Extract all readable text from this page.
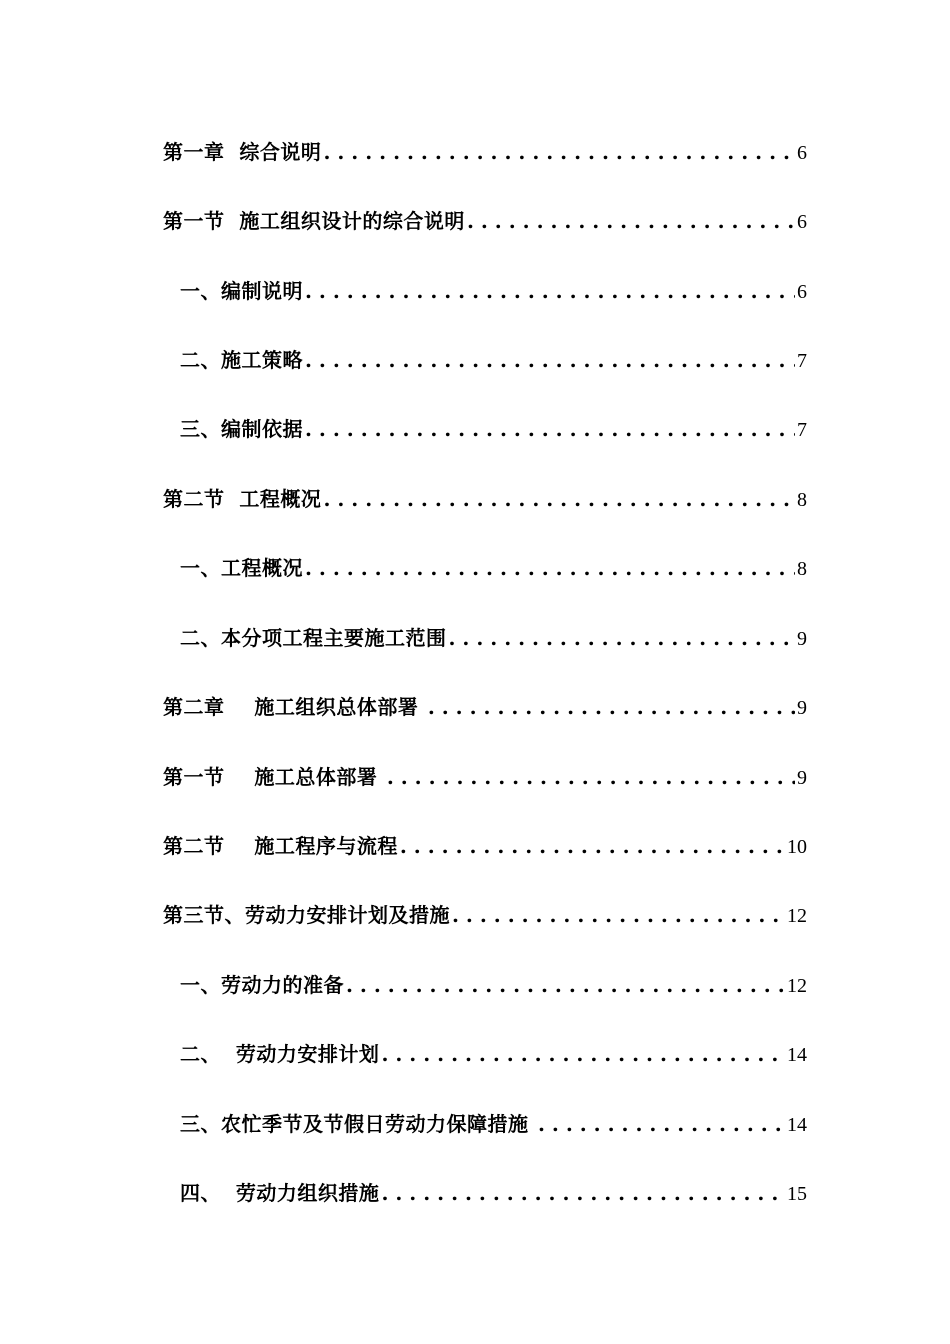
第一章  综合说明 . . .	6
第一节  施工组织设计的综合说明 . . .	6
一、编制说明 . . .	6
二、施工策略 . . .	7
三、编制依据 . . .	7
第二节  工程概况 . . .	8
一、工程概况 . . .	8
二、本分项工程主要施工范围 . . .	9
第二章    施工组织总体部署 . . .	9
第一节    施工总体部署 . . .	9
第二节    施工程序与流程 . . .	10
第三节、劳动力安排计划及措施 . . .	12
一、劳动力的准备 . . .	12
二、  劳动力安排计划 . . .	14
三、农忙季节及节假日劳动力保障措施 . . .	14
四、  劳动力组织措施 . . .	15
